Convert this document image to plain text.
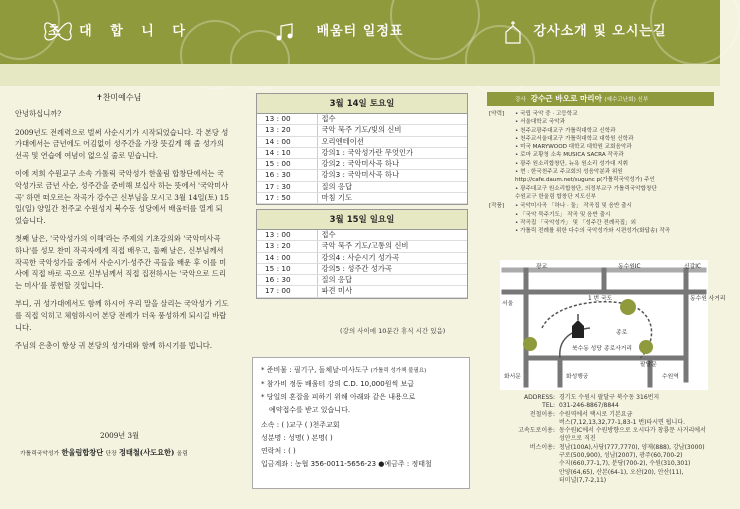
초 대 합 니 다	배움터 일정표	강사소개 및 오시는길
✝찬미예수님

안녕하십니까?

2009년도 전례력으로 벌써 사순시기가 시작되었습니다. 각 본당 성가대에서는 금년에도 어김없이 성주간을 가장 뜻깊게 해 줄 성가의 선곡 및 연습에 여념이 없으실 줄로 믿습니다.

이에 저희 수원교구 소속 가톨릭 국악성가 한울림 합창단에서는 국악성가로 금년 사순, 성주간을 준비해 보십사 하는 뜻에서 '국악미사곡' 하면 떠오르는 작곡가 강수근 신부님을 모시고 3월 14일(토) 15일(일) 양일간 천주교 수원성지 북수동 성당에서 배움터를 열게 되었습니다.

첫째 날은, '국악성가의 이해'라는 주제의 기초강의와 '국악미사곡 하나'를 성모 찬미 작곡자에게 직접 배우고, 둘째 날은, 신부님께서 작곡한 국악성가들 중에서 사순시기·성주간 곡들을 배운 후 이를 미사에 직접 바로 곡으로 신부님께서 직접 집전하시는 '국악으로 드리는 미사'를 봉헌할 것입니다.

부디, 귀 성가대에서도 함께 하시어 우리 말을 살리는 국악성가 기도를 직접 익히고 체험하시어 본당 전례가 더욱 풍성하게 되시길 바랍니다.

주님의 은총이 항상 귀 본당의 성가대와 함께 하시기를 빕니다.

2009년 3월
가톨릭국악성가 한울림합창단 단장 정태철(사도요한) 올림
3월 14일 토요일
13 : 00	접수
13 : 20	국악 묵주 기도/빛의 신비
14 : 00	오리엔테이션
14 : 10	강의1 : 국악성가란 무엇인가
15 : 00	강의2 : 국악미사곡 하나
16 : 30	강의3 : 국악미사곡 하나
17 : 30	질의 응답
17 : 50	마침 기도
3월 15일 일요일
13 : 00	접수
13 : 20	국악 묵주 기도/고통의 신비
14 : 00	강의4 : 사순시기 성가곡
15 : 10	강의5 : 성주간 성가곡
16 : 30	질의 응답
17 : 00	파견 미사
(강의 사이에 10분간 휴식 시간 있음)
* 준비물 : 필기구, 돌체날-미사도구 (가톨릭 성가책 불필요)
* 참가비 정동 배움터 강의 C.D. 10,000원씩 보급
* 당일의 혼잡을 피하기 위해 아래와 같은 내용으로
예약접수를 받고 있습니다.
소속 : ( )교구 ( )천주교회
성분명 : 성명( ) 본명( )
연락처 : ( )
입금계좌 : 농협 356-0011-5656-23 ●예금주 : 정태철
강사 강수근 바오로 마리아 (예수고난회) 신부
[약력] • 국립 국악 중 · 고등학교
• 서울대학교 국악과
• 천주교광주대교구 가톨릭대학교 신학과
• 천주교서울대교구 가톨릭대학교 대학원 신학과
• 미국 MARYWOOD 대학교 대학원 교회음악과
• 로마 교황청 소속 MUSICA SACRA 작곡과
• 광주 원소리합창단, 뉴욕 원소리 성가대 지휘
• 현 : 한국천주교 주교회의 성음악분과 위원
http://cafe.daum.net/sugunc p(가톨릭국악성가) 주인
• 광주대교구 원소리합창단, 의정부교구 가톨릭국악합창단
수원교구 한울림 합창단 지도신부
[작품] • 국악미사곡 「하나 · 둘」 작곡집 및 음반 출시
• 「국악 묵주기도」 작곡 및 음반 출시
• 작곡집 「국악성가」 및 「성주간 전례곡집」외
• 가톨릭 전례를 위한 다수의 국악성가와 시편성가(화답송) 작곡
광교	동수원IC	신갈IC
서울
1 번 국도	동수원 사거리
화서문	화성행궁	수원역
종로사거리
팔달문
북수동 성당
종로
ADDRESS: 경기도 수원시 팔달구 북수동 316번지
TEL: 031-246-8867/8844
전철이용: 수원역에서 택시로 기본요금
버스(7,12,13,32,77-1,83-1 번)타시면 됩니다.
고속도로이용: 동수원IC에서 수원방향으로 오시다가 창룡문 사거리에서
성안으로 직진
버스이용: 청남(100A),사당(777,7770), 양재(888), 강남(3000)
구로(500,900), 성남(2007), 광주(60,700-2)
수지(660,77-1,7), 분당(700-2), 수원(310,301)
안양(64,65), 산본(64-1), 오산(20), 안산(11),
터미널(7,7-2,11)
